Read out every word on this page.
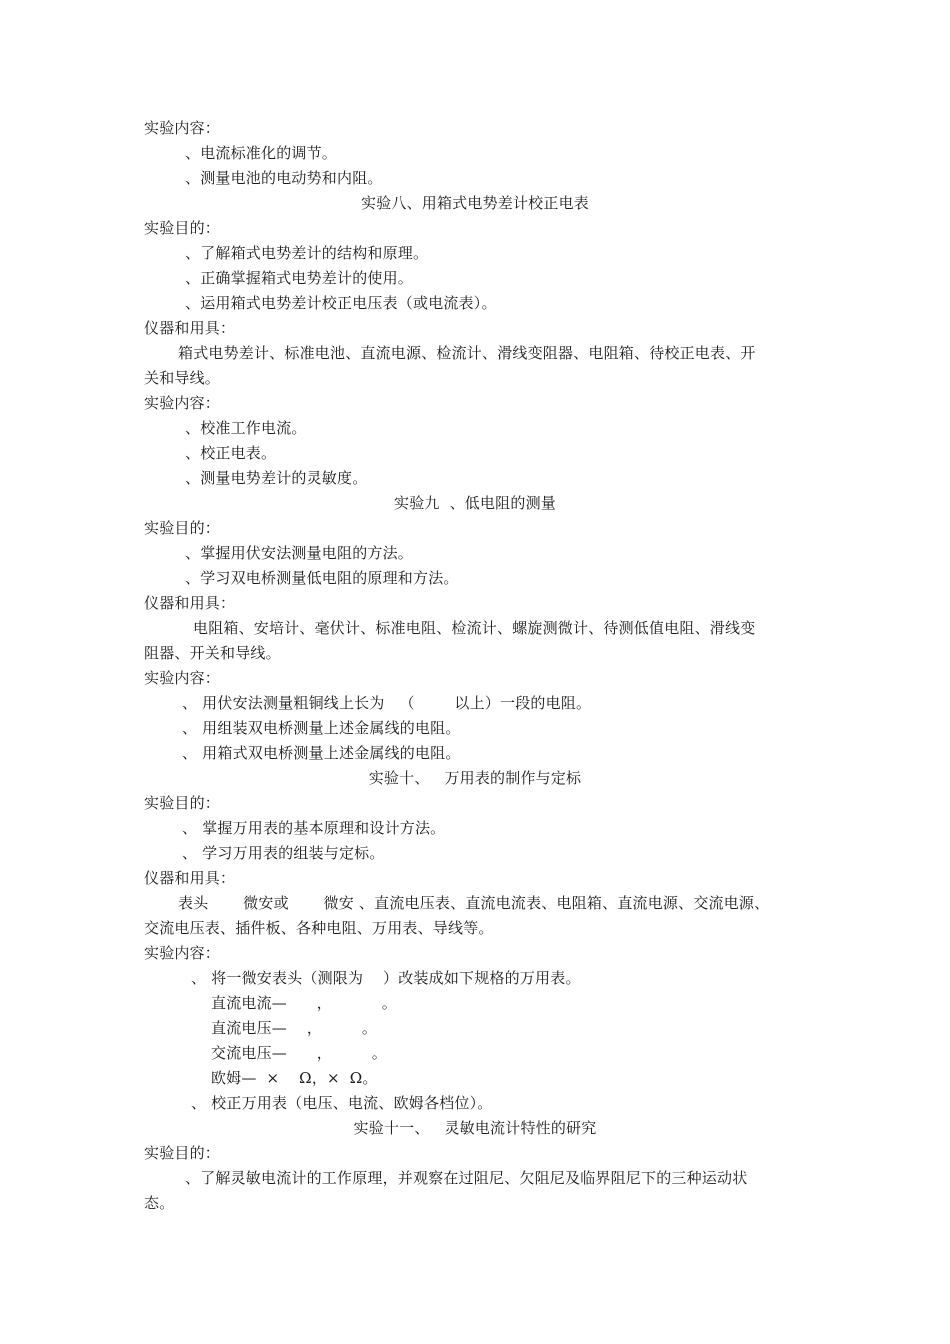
实验内容：
、电流标准化的调节。
、测量电池的电动势和内阻。
实验八、用箱式电势差计校正电表
实验目的：
、了解箱式电势差计的结构和原理。
、正确掌握箱式电势差计的使用。
、运用箱式电势差计校正电压表（或电流表）。
仪器和用具：
箱式电势差计、标准电池、直流电源、检流计、滑线变阻器、电阻箱、待校正电表、开
关和导线。
实验内容：
、校准工作电流。
、校正电表。
、测量电势差计的灵敏度。
实验九  、低电阻的测量
实验目的：
、掌握用伏安法测量电阻的方法。
、学习双电桥测量低电阻的原理和方法。
仪器和用具：
电阻箱、安培计、毫伏计、标准电阻、检流计、螺旋测微计、待测低值电阻、滑线变
阻器、开关和导线。
实验内容：
、 用伏安法测量粗铜线上长为   （        以上）一段的电阻。
、 用组装双电桥测量上述金属线的电阻。
、 用箱式双电桥测量上述金属线的电阻。
实验十、   万用表的制作与定标
实验目的：
、 掌握万用表的基本原理和设计方法。
、 学习万用表的组装与定标。
仪器和用具：
表头       微安或       微安 、直流电压表、直流电流表、电阻箱、直流电源、交流电源、
交流电压表、插件板、各种电阻、万用表、导线等。
实验内容：
、 将一微安表头（测限为    ）改装成如下规格的万用表。
直流电流—      ，          。
直流电压—    ，        。
交流电压—      ，        。
欧姆—  ×    Ω，×  Ω。
、 校正万用表（电压、电流、欧姆各档位）。
实验十一、   灵敏电流计特性的研究
实验目的：
、了解灵敏电流计的工作原理，并观察在过阻尼、欠阻尼及临界阻尼下的三种运动状
态。
